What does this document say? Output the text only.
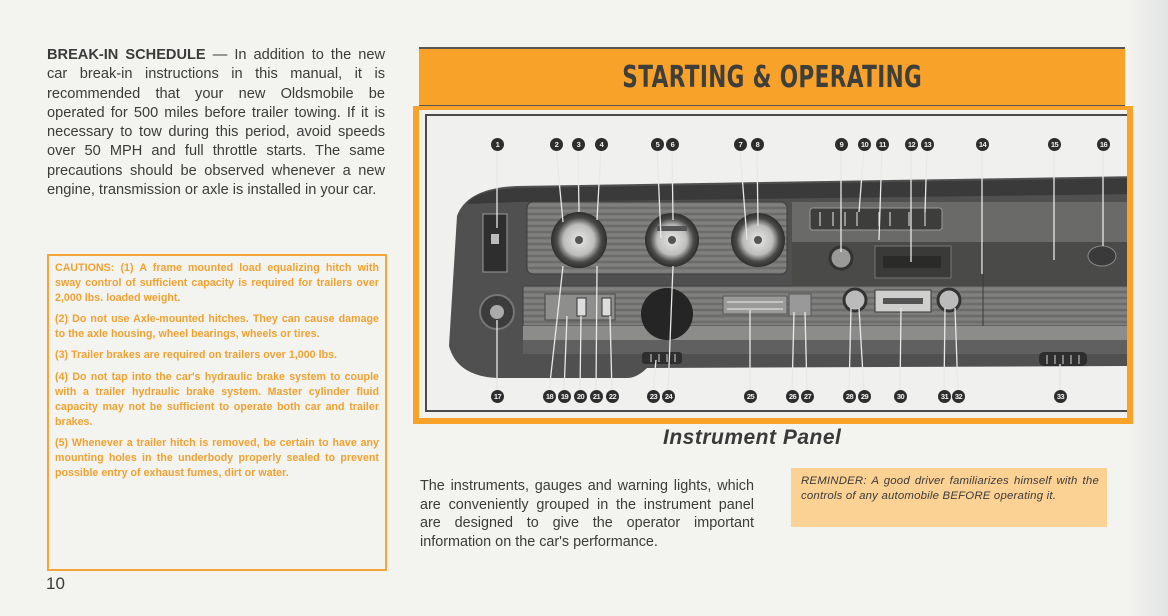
BREAK-IN SCHEDULE — In addition to the new car break-in instructions in this manual, it is recommended that your new Oldsmobile be operated for 500 miles before trailer towing. If it is necessary to tow during this period, avoid speeds over 50 MPH and full throttle starts. The same precautions should be observed whenever a new engine, transmission or axle is installed in your car.

CAUTIONS: (1) A frame mounted load equalizing hitch with sway control of sufficient capacity is required for trailers over 2,000 lbs. loaded weight.

(2) Do not use Axle-mounted hitches. They can cause damage to the axle housing, wheel bearings, wheels or tires.

(3) Trailer brakes are required on trailers over 1,000 lbs.

(4) Do not tap into the car's hydraulic brake system to couple with a trailer hydraulic brake system. Master cylinder fluid capacity may not be sufficient to operate both car and trailer brakes.

(5) Whenever a trailer hitch is removed, be certain to have any mounting holes in the underbody properly sealed to prevent possible entry of exhaust fumes, dirt or water.

10
STARTING & OPERATING

1	2	3	4	5	6	7	8	9	10	11	12	13	14	15	16
17	18	19	20	21	22	23	24	25	26	27	28	29	30	31 32	33
Instrument Panel

The instruments, gauges and warning lights, which are conveniently grouped in the instrument panel are designed to give the operator important information on the car's performance.

REMINDER: A good driver familiarizes himself with the controls of any automobile BEFORE operating it.
